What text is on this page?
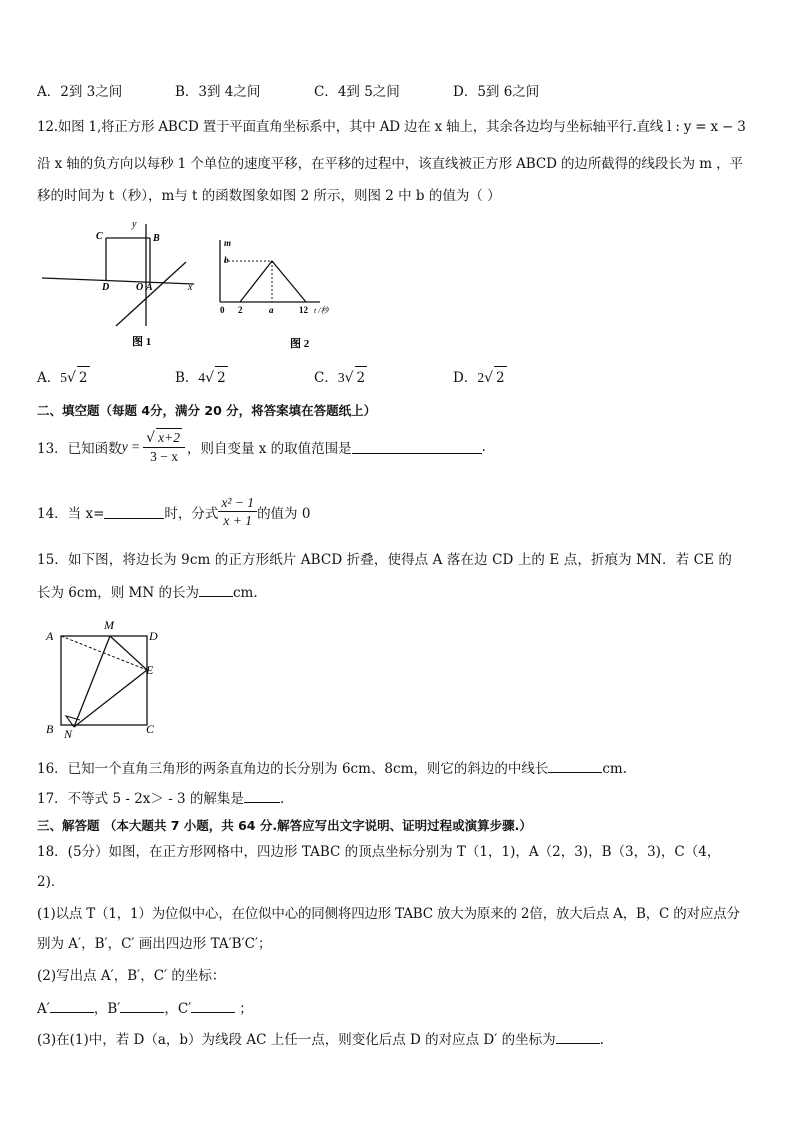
A．2到 3之间	B．3到 4之间	C．4到 5之间	D．5到 6之间
12.如图 1,将正方形 ABCD 置于平面直角坐标系中，其中 AD 边在 x 轴上，其余各边均与坐标轴平行.直线 l : y = x − 3
沿 x 轴的负方向以每秒 1 个单位的速度平移，在平移的过程中，该直线被正方形 ABCD 的边所截得的线段长为 m ，平
移的时间为 t（秒），m与 t 的函数图象如图 2 所示，则图 2 中 b 的值为（ ）
C	B
y
D	O A	x
图 1
m
b
0 2	a	12 t /秒
图 2
A．5√ 2	B．4√ 2	C．3√ 2	D．2√ 2
二、填空题（每题 4分，满分 20 分，将答案填在答题纸上）
13．已知函数 $y = \frac{√ x+2}{3 - x}$ ，则自变量 x 的取值范围是	.
14．当 x=	时，分式 $\frac{\text{x² − 1}}{x + 1}$ 的值为 0
15．如下图，将边长为 9cm 的正方形纸片 ABCD 折叠，使得点 A 落在边 CD 上的 E 点，折痕为 MN．若 CE 的
长为 6cm，则 MN 的长为	cm.
A
M
D
E
B N	C
16．已知一个直角三角形的两条直角边的长分别为 6cm、8cm，则它的斜边的中线长	cm.
17．不等式 5 - 2x＞ - 3 的解集是	.
三、解答题 （本大题共 7 小题，共 64 分.解答应写出文字说明、证明过程或演算步骤.）
18．(5分）如图，在正方形网格中，四边形 TABC 的顶点坐标分别为 T（1，1)，A（2，3)，B（3，3)，C（4，
2)．
(1)以点 T（1，1）为位似中心，在位似中心的同侧将四边形 TABC 放大为原来的 2倍，放大后点 A，B，C 的对应点分
别为 A′，B′，C′ 画出四边形 TA′B′C′；
(2)写出点 A′，B′，C′ 的坐标：
A′	，B′	，C′	；
(3)在(1)中，若 D（a，b）为线段 AC 上任一点，则变化后点 D 的对应点 D′ 的坐标为	.
